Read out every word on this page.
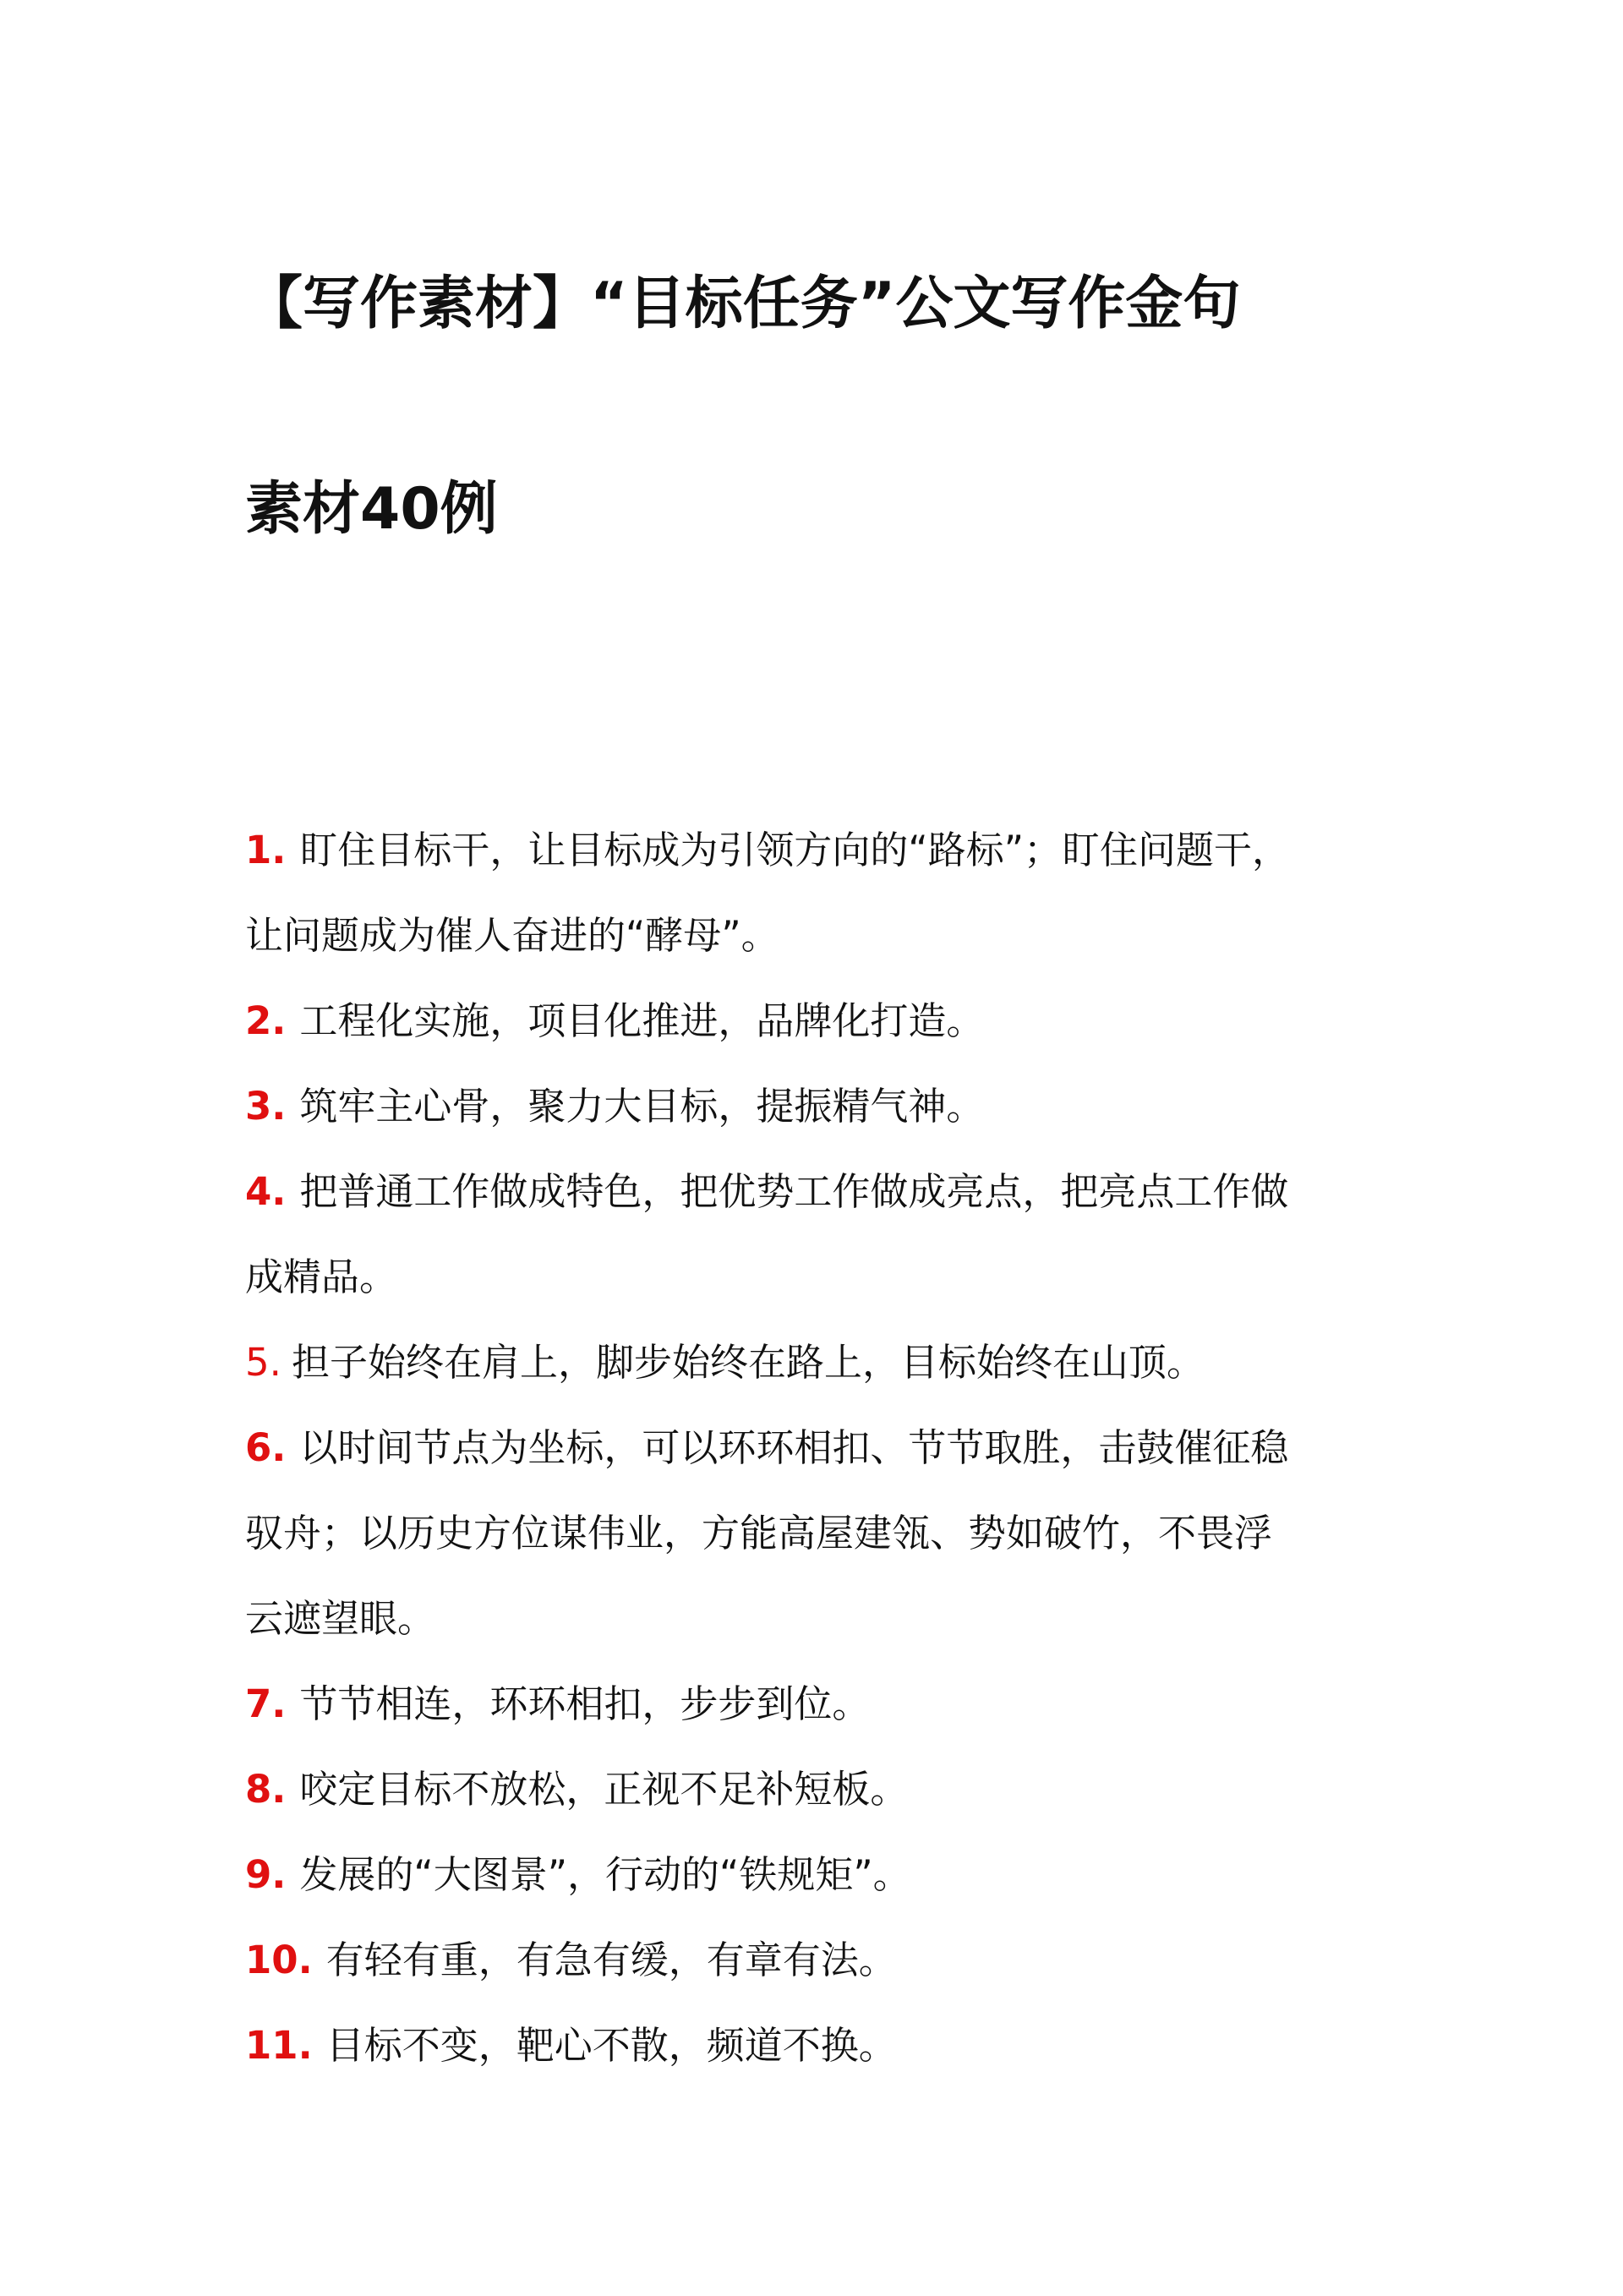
【写作素材】“目标任务”公文写作金句
素材40例
1. 盯住目标干，让目标成为引领方向的“路标”；盯住问题干，
让问题成为催人奋进的“酵母”。
2. 工程化实施，项目化推进，品牌化打造。
3. 筑牢主心骨，聚力大目标，提振精气神。
4. 把普通工作做成特色，把优势工作做成亮点，把亮点工作做
成精品。
5. 担子始终在肩上，脚步始终在路上，目标始终在山顶。
6. 以时间节点为坐标，可以环环相扣、节节取胜，击鼓催征稳
驭舟；以历史方位谋伟业，方能高屋建瓴、势如破竹，不畏浮
云遮望眼。
7. 节节相连，环环相扣，步步到位。
8. 咬定目标不放松，正视不足补短板。
9. 发展的“大图景”，行动的“铁规矩”。
10. 有轻有重，有急有缓，有章有法。
11. 目标不变，靶心不散，频道不换。
